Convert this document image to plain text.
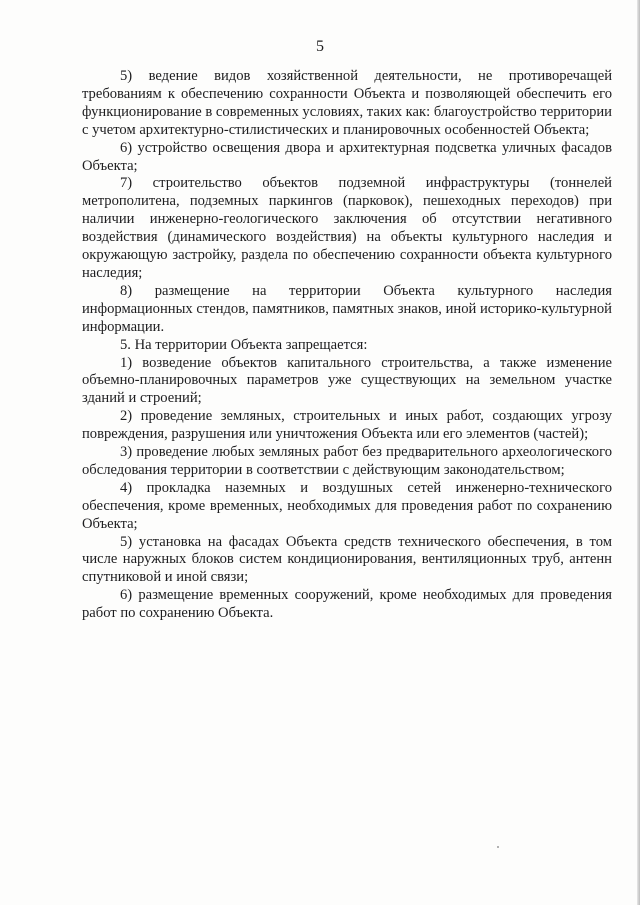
5

5) ведение видов хозяйственной деятельности, не противоречащей требованиям к обеспечению сохранности Объекта и позволяющей обеспечить его функционирование в современных условиях, таких как: благоустройство территории с учетом архитектурно-стилистических и планировочных особенностей Объекта;

6) устройство освещения двора и архитектурная подсветка уличных фасадов Объекта;

7) строительство объектов подземной инфраструктуры (тоннелей метрополитена, подземных паркингов (парковок), пешеходных переходов) при наличии инженерно-геологического заключения об отсутствии негативного воздействия (динамического воздействия) на объекты культурного наследия и окружающую застройку, раздела по обеспечению сохранности объекта культурного наследия;

8) размещение на территории Объекта культурного наследия информационных стендов, памятников, памятных знаков, иной историко-культурной информации.

5. На территории Объекта запрещается:

1) возведение объектов капитального строительства, а также изменение объемно-планировочных параметров уже существующих на земельном участке зданий и строений;

2) проведение земляных, строительных и иных работ, создающих угрозу повреждения, разрушения или уничтожения Объекта или его элементов (частей);

3) проведение любых земляных работ без предварительного археологического обследования территории в соответствии с действующим законодательством;

4) прокладка наземных и воздушных сетей инженерно-технического обеспечения, кроме временных, необходимых для проведения работ по сохранению Объекта;

5) установка на фасадах Объекта средств технического обеспечения, в том числе наружных блоков систем кондиционирования, вентиляционных труб, антенн спутниковой и иной связи;

6) размещение временных сооружений, кроме необходимых для проведения работ по сохранению Объекта.
